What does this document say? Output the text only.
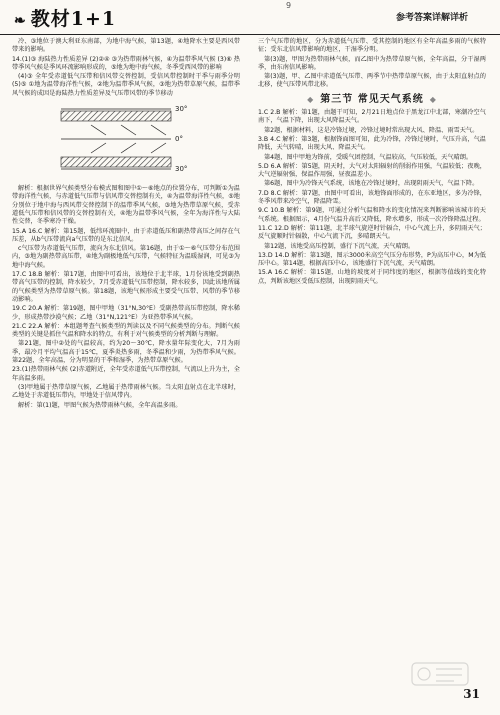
❧ 教材1+1
9
参考答案详解详析

冷、③地位于澳大利亚东南部，为地中海气候，第13题，④地降水主要是西风带带来的影响。

14.(1)③ 海陆热力性质差异 (2)②④ ③为热带雨林气候，④为温带季风气候 (3)⑥ 热带季风气候是季风环流影响形成的，⑤地为地中海气候，冬季受西风带的影响

(4)③ 全年受赤道低气压带和信风带交替控制，受信风带控制时干季与雨季分明 (5)⑤ ①地为温带海洋性气候，②地为温带季风气候，③地为热带草原气候，温带季风气候的成因是海陆热力性质差异及气压带风带的季节移动

30°
0°
30°

解析：根据世界气候类型分布模式图和图中①～⑥地点的位置分布，可判断①为温带海洋性气候，与赤道低气压带与信风带交替控制有关，④为温带海洋性气候，⑤地分别位于地中海与西风带交替控制下的温带季风气候，③地为热带草原气候，受赤道低气压带和信风带的交替控制有关，④地为温带季风气候，全年为海洋性与大陆性交替，冬季寒冷干燥。

15.A 16.C 解析：第15题，低纬环流圈中，由于赤道低压和副热带高压之间存在气压差，从b气压带流向a气压带的是东北信风。

c气压带为赤道低气压带，流向为东北信风。第16题，由于①～⑥气压带分布范围内，③地为副热带高压带，④地为副极地低气压带，气候特征为温暖湿润，可见③为地中海气候。

17.C 18.B 解析：第17题，由图中可看出，该地位于北半球，1月份该地受到副热带高气压带的控制，降水较少，7月受赤道低气压带控制，降水较多，因此该地所属的气候类型为热带草原气候。第18题，该地气候形成主要受气压带、风带的季节移动影响。

19.C 20.A 解析：第19题，图中甲地（31°N,30°E）受副热带高压带控制，降水稀少，形成热带沙漠气候；乙地（31°N,121°E）为亚热带季风气候。

21.C 22.A 解析：本组题考查气候类型的判读以及不同气候类型的分布。判断气候类型的关键是抓住气温和降水的特点，有利于对气候类型的分析判断与理解。

第21题，图中②处的气温较高，约为20～30℃，降水量年际变化大，7月为雨季，最冷月平均气温高于15℃，夏季炎热多雨，冬季温和少雨，为热带季风气候。第22题，全年高温，分为明显的干季和湿季，为热带草原气候。

23.(1)热带雨林气候 (2)赤道附近，全年受赤道低气压带控制，气流以上升为主，全年高温多雨。

(3)甲地属于热带草原气候，乙地属于热带雨林气候。当太阳直射点在北半球时，乙地处于赤道低压带内，甲地处于信风带内。

解析：第(1)题，甲图气候为热带雨林气候，全年高温多雨。

三个气压带的地区，分为赤道低气压带、受其控制的地区有全年高温多雨的气候特征；受东北信风带影响的地区，干湿季分明。

第(3)题，甲图为热带雨林气候，而乙图中为热带草原气候，全年高温，分干湿两季，由东南信风影响。

第(3)题，甲、乙图中赤道低气压带、两季节中热带草原气候，由于太阳直射点的北移，使气压带风带北移。

◆ 第三节 常见天气系统 ◆

1.C 2.B 解析：第1题，由题干可知，2月21日地点位于黑龙江中北部，寒潮冷空气南下，气温下降，出现大风降温天气。

第2题，根据材料，这是冷锋过境，冷锋过境时常出现大风、降温、雨雪天气。

3.B 4.C 解析：第3题，根据锋面图可知，此为冷锋，冷锋过境时，气压升高，气温降低，天气转晴，出现大风、降温天气。

第4题，图中甲地为锋前，受暖气团控制，气温较高，气压较低，天气晴朗。

5.D 6.A 解析：第5题，阴天时，大气对太阳辐射的削弱作用强，气温较低；夜晚，大气逆辐射强，保温作用强，昼夜温差小。

第6题，图中为冷锋天气系统，该地在冷锋过境时，出现阴雨天气，气温下降。

7.D 8.C 解析：第7题，由图中可看出，该地锋面形成的，在东亚地区，多为冷锋，冬季风带来冷空气，降温降雪。

9.C 10.B 解析：第9题，可通过分析气温和降水的变化情况来判断影响该城市的天气系统。根据图示，4月份气温升高后又降低，降水增多，形成一次冷锋降温过程。

11.C 12.D 解析：第11题，北半球气旋逆时针辐合，中心气流上升，多阴雨天气；反气旋顺时针辐散，中心气流下沉，多晴朗天气。

第12题，该地受高压控制，盛行下沉气流，天气晴朗。

13.D 14.D 解析：第13题，图示3000米高空气压分布形势，P为高压中心，M为低压中心。第14题，根据高压中心，该地盛行下沉气流，天气晴朗。

15.A 16.C 解析：第15题，山地的坡度对于同纬度的地区，根据等值线的变化特点，判断该地区受低压控制，出现阴雨天气。

31
